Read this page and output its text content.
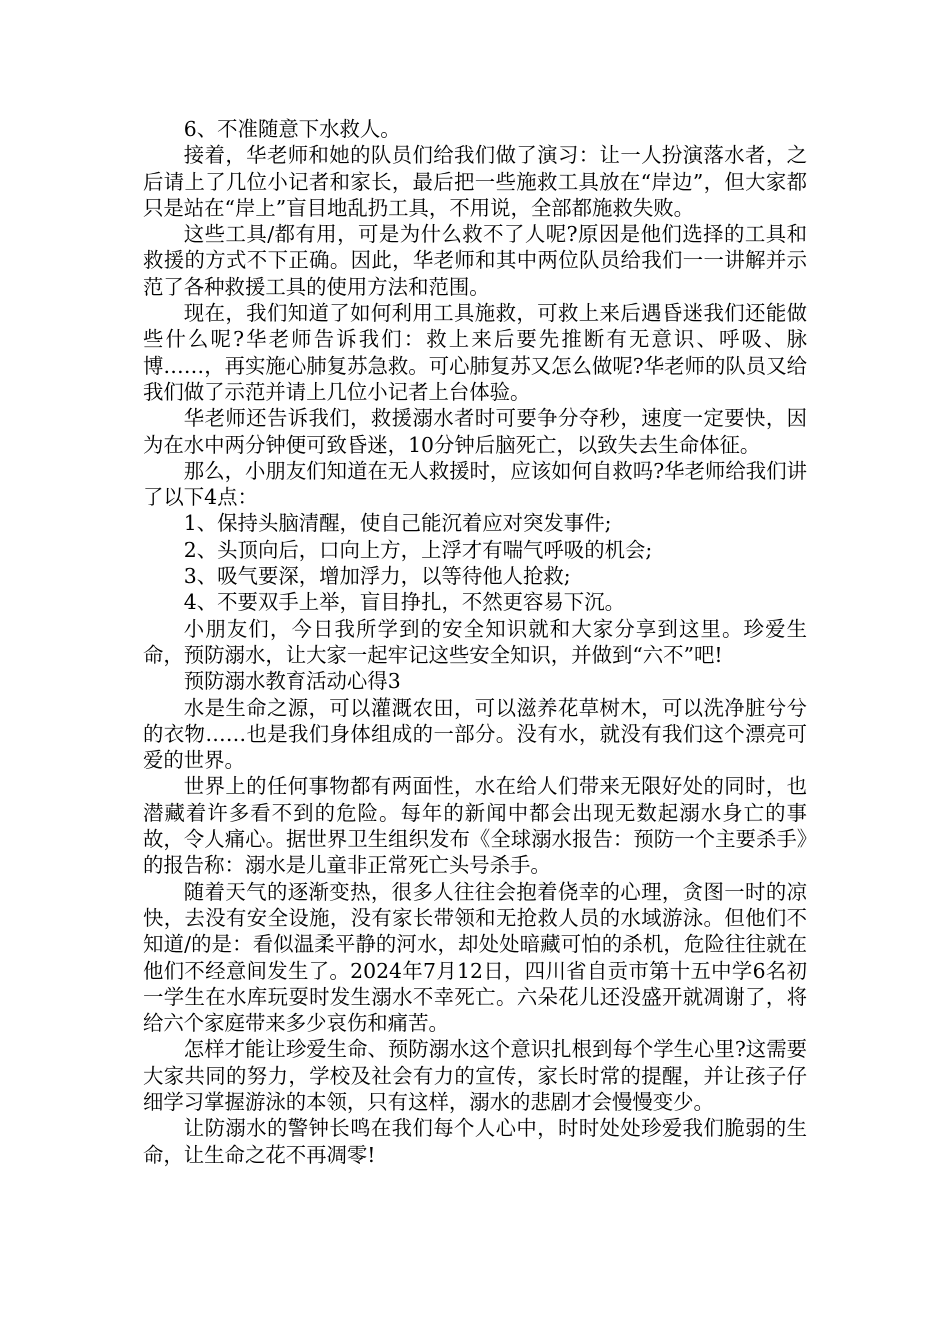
6、不准随意下水救人。

接着，华老师和她的队员们给我们做了演习：让一人扮演落水者，之后请上了几位小记者和家长，最后把一些施救工具放在“岸边”，但大家都只是站在“岸上”盲目地乱扔工具，不用说，全部都施救失败。

这些工具/都有用，可是为什么救不了人呢?原因是他们选择的工具和救援的方式不下正确。因此，华老师和其中两位队员给我们一一讲解并示范了各种救援工具的使用方法和范围。

现在，我们知道了如何利用工具施救，可救上来后遇昏迷我们还能做些什么呢?华老师告诉我们：救上来后要先推断有无意识、呼吸、脉博……，再实施心肺复苏急救。可心肺复苏又怎么做呢?华老师的队员又给我们做了示范并请上几位小记者上台体验。

华老师还告诉我们，救援溺水者时可要争分夺秒，速度一定要快，因为在水中两分钟便可致昏迷，10分钟后脑死亡，以致失去生命体征。

那么，小朋友们知道在无人救援时，应该如何自救吗?华老师给我们讲了以下4点：

1、保持头脑清醒，使自己能沉着应对突发事件;

2、头顶向后，口向上方，上浮才有喘气呼吸的机会;

3、吸气要深，增加浮力，以等待他人抢救;

4、不要双手上举，盲目挣扎，不然更容易下沉。

小朋友们，今日我所学到的安全知识就和大家分享到这里。珍爱生命，预防溺水，让大家一起牢记这些安全知识，并做到“六不”吧!

预防溺水教育活动心得3

水是生命之源，可以灌溉农田，可以滋养花草树木，可以洗净脏兮兮的衣物……也是我们身体组成的一部分。没有水，就没有我们这个漂亮可爱的世界。

世界上的任何事物都有两面性，水在给人们带来无限好处的同时，也潜藏着许多看不到的危险。每年的新闻中都会出现无数起溺水身亡的事故，令人痛心。据世界卫生组织发布《全球溺水报告：预防一个主要杀手》的报告称：溺水是儿童非正常死亡头号杀手。

随着天气的逐渐变热，很多人往往会抱着侥幸的心理，贪图一时的凉快，去没有安全设施，没有家长带领和无抢救人员的水域游泳。但他们不知道/的是：看似温柔平静的河水，却处处暗藏可怕的杀机，危险往往就在他们不经意间发生了。2024年7月12日，四川省自贡市第十五中学6名初一学生在水库玩耍时发生溺水不幸死亡。六朵花儿还没盛开就凋谢了，将给六个家庭带来多少哀伤和痛苦。

怎样才能让珍爱生命、预防溺水这个意识扎根到每个学生心里?这需要大家共同的努力，学校及社会有力的宣传，家长时常的提醒，并让孩子仔细学习掌握游泳的本领，只有这样，溺水的悲剧才会慢慢变少。

让防溺水的警钟长鸣在我们每个人心中，时时处处珍爱我们脆弱的生命，让生命之花不再凋零!
